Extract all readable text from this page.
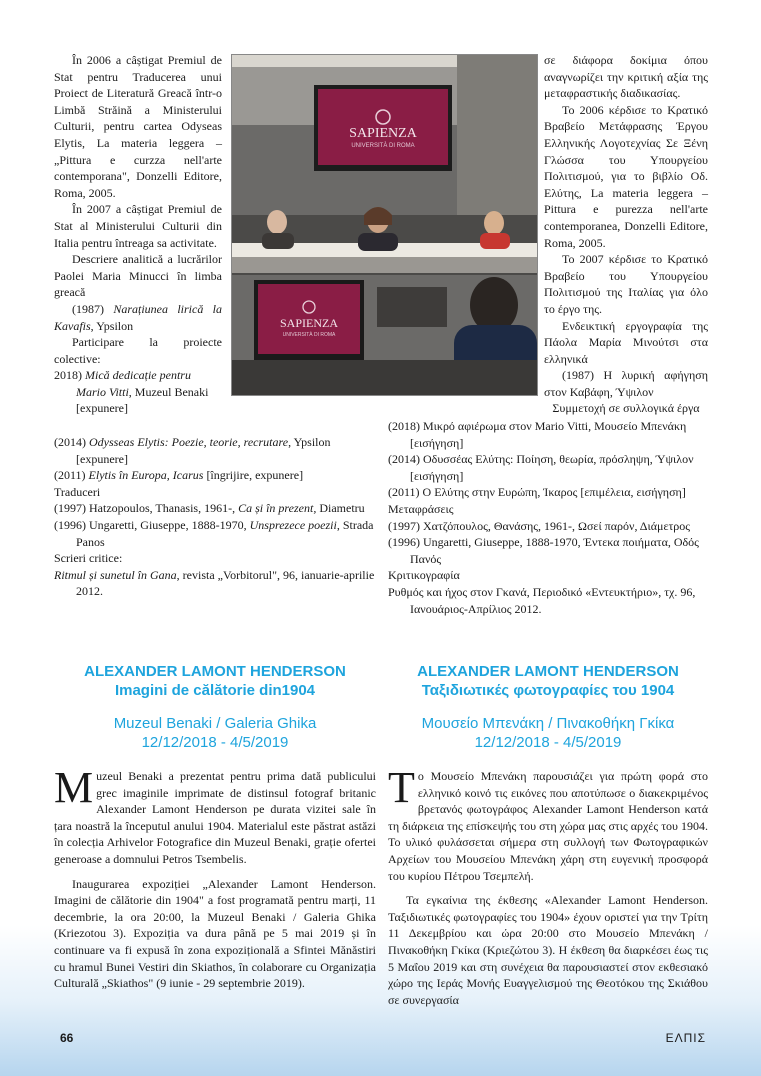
În 2006 a câștigat Premiul de Stat pentru Traducerea unui Proiect de Literatură Greacă într-o Limbă Străină a Ministerului Culturii, pentru cartea Odyseas Elytis, La materia leggera – „Pittura e curzza nell'arte contemporana", Donzelli Editore, Roma, 2005.

În 2007 a câștigat Premiul de Stat al Ministerului Culturii din Italia pentru întreaga sa activitate.

Descriere analitică a lucrărilor Paolei Maria Minucci în limba greacă

(1987) Narațiunea lirică la Kavafis, Ypsilon

Participare la proiecte colective:

2018) Mică dedicație pentru Mario Vitti, Muzeul Benaki [expunere]

(2014) Odysseas Elytis: Poezie, teorie, recrutare, Ypsilon [expunere]

(2011) Elytis în Europa, Icarus [îngrijire, expunere]

Traduceri

(1997) Hatzopoulos, Thanasis, 1961-, Ca și în prezent, Diametru

(1996) Ungaretti, Giuseppe, 1888-1970, Unsprezece poezii, Strada Panos

Scrieri critice:

Ritmul și sunetul în Gana, revista „Vorbitorul", 96, ianuarie-aprilie 2012.

SAPIENZA
UNIVERSITÀ DI ROMA
SAPIENZA
UNIVERSITÀ DI ROMA

σε διάφορα δοκίμια όπου αναγνωρίζει την κριτική αξία της μεταφραστικής διαδικασίας.

Το 2006 κέρδισε το Κρατικό Βραβείο Μετάφρασης Έργου Ελληνικής Λογοτεχνίας Σε Ξένη Γλώσσα του Υπουργείου Πολιτισμού, για το βιβλίο Οδ. Ελύτης, La materia leggera – Pittura e purezza nell'arte contemporanea, Donzelli Editore, Roma, 2005.

Το 2007 κέρδισε το Κρατικό Βραβείο του Υπουργείου Πολιτισμού της Ιταλίας για όλο το έργο της.

Ενδεικτική εργογραφία της Πάολα Μαρία Μινούτσι στα ελληνικά

(1987) Η λυρική αφήγηση στον Καβάφη, Ύψιλον

Συμμετοχή σε συλλογικά έργα

(2018) Μικρό αφιέρωμα στον Mario Vitti, Μουσείο Μπενάκη [εισήγηση]

(2014) Οδυσσέας Ελύτης: Ποίηση, θεωρία, πρόσληψη, Ύψιλον [εισήγηση]

(2011) Ο Ελύτης στην Ευρώπη, Ίκαρος [επιμέλεια, εισήγηση]

Μεταφράσεις

(1997) Χατζόπουλος, Θανάσης, 1961-, Ωσεί παρόν, Διάμετρος

(1996) Ungaretti, Giuseppe, 1888-1970, Έντεκα ποιήματα, Οδός Πανός

Κριτικογραφία

Ρυθμός και ήχος στον Γκανά, Περιοδικό «Εντευκτήριο», τχ. 96, Ιανουάριος-Απρίλιος 2012.

ALEXANDER LAMONT HENDERSON
Imagini de călătorie din1904
Muzeul Benaki / Galeria Ghika
12/12/2018 - 4/5/2019
ALEXANDER LAMONT HENDERSON
Ταξιδιωτικές φωτογραφίες του 1904
Μουσείο Μπενάκη / Πινακοθήκη Γκίκα
12/12/2018 - 4/5/2019

Muzeul Benaki a prezentat pentru prima dată publicului grec imaginile imprimate de distinsul fotograf britanic Alexander Lamont Henderson pe durata vizitei sale în țara noastră la începutul anului 1904. Materialul este păstrat astăzi în colecția Arhivelor Fotografice din Muzeul Benaki, grație ofertei generoase a domnului Petros Tsembelis.

Inaugurarea expoziției „Alexander Lamont Henderson. Imagini de călătorie din 1904" a fost programată pentru marți, 11 decembrie, la ora 20:00, la Muzeul Benaki / Galeria Ghika (Kriezotou 3). Expoziția va dura până pe 5 mai 2019 și în continuare va fi expusă în zona expozițională a Sfintei Mănăstiri cu hramul Bunei Vestiri din Skiathos, în colaborare cu Organizația Culturală „Skiathos" (9 iunie - 29 septembrie 2019).

Το Μουσείο Μπενάκη παρουσιάζει για πρώτη φορά στο ελληνικό κοινό τις εικόνες που αποτύπωσε ο διακεκριμένος βρετανός φωτογράφος Alexander Lamont Henderson κατά τη διάρκεια της επίσκεψής του στη χώρα μας στις αρχές του 1904. Το υλικό φυλάσσεται σήμερα στη συλλογή των Φωτογραφικών Αρχείων του Μουσείου Μπενάκη χάρη στη ευγενική προσφορά του κυρίου Πέτρου Τσεμπελή.

Τα εγκαίνια της έκθεσης «Alexander Lamont Henderson. Ταξιδιωτικές φωτογραφίες του 1904» έχουν οριστεί για την Τρίτη 11 Δεκεμβρίου και ώρα 20:00 στο Μουσείο Μπενάκη / Πινακοθήκη Γκίκα (Κριεζώτου 3). Η έκθεση θα διαρκέσει έως τις 5 Μαΐου 2019 και στη συνέχεια θα παρουσιαστεί στον εκθεσιακό χώρο της Ιεράς Μονής Ευαγγελισμού της Θεοτόκου της Σκιάθου σε συνεργασία

66	ΕΛΠΙΣ
